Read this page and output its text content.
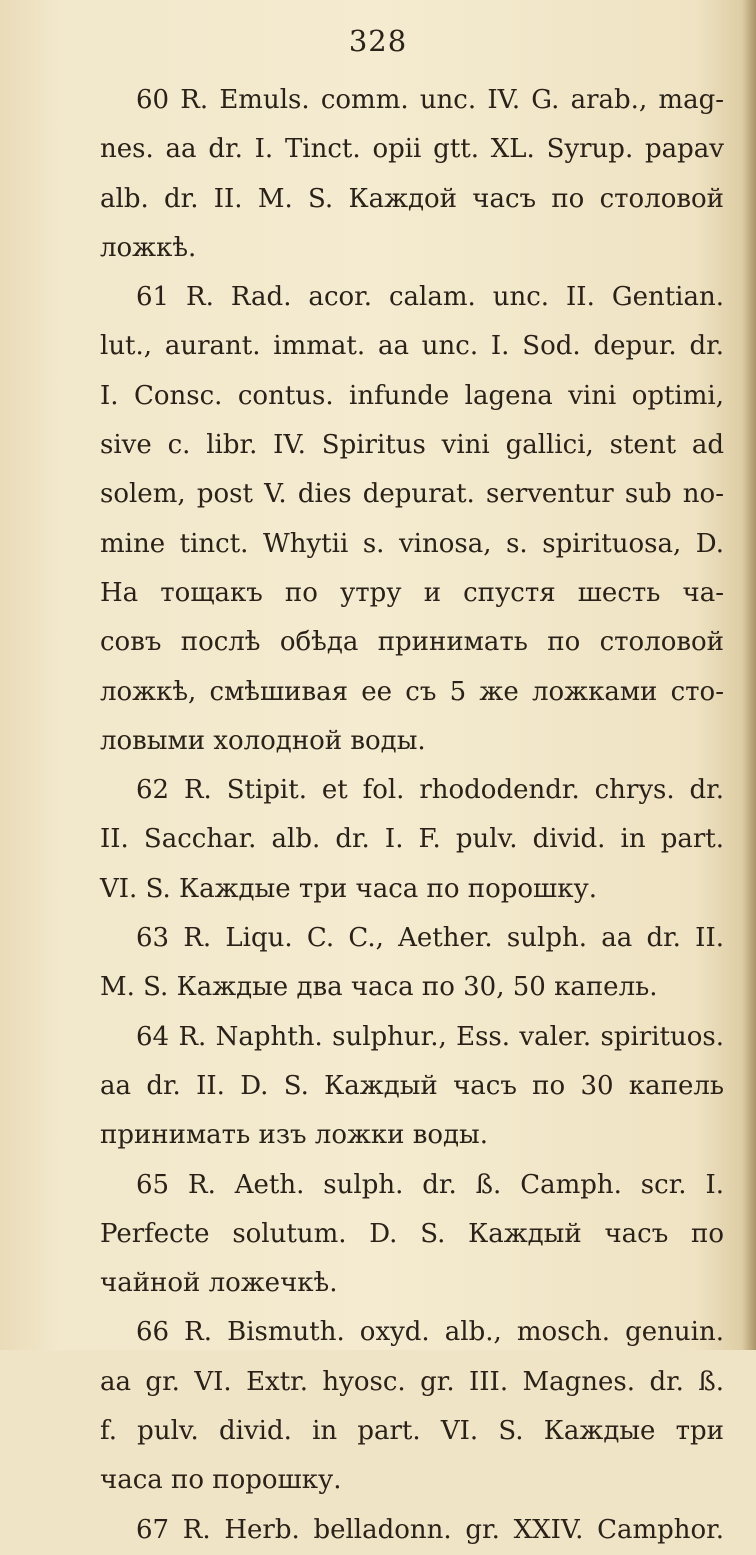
328
60 R. Emuls. comm. unc. IV. G. arab., mag-
nes. aa dr. I. Tinct. opii gtt. XL. Syrup. papav
alb. dr. II. M. S. Каждой часъ по столовой
ложкѣ.
61 R. Rad. acor. calam. unc. II. Gentian.
lut., aurant. immat. aa unc. I. Sod. depur. dr.
I. Consc. contus. infunde lagena vini optimi,
sive c. libr. IV. Spiritus vini gallici, stent ad
solem, post V. dies depurat. serventur sub no-
mine tinct. Whytii s. vinosa, s. spirituosa, D.
На тощакъ по утру и спустя шесть ча-
совъ послѣ обѣда принимать по столовой
ложкѣ, смѣшивая ее съ 5 же ложками сто-
ловыми холодной воды.
62 R. Stipit. et fol. rhododendr. chrys. dr.
II. Sacchar. alb. dr. I. F. pulv. divid. in part.
VI. S. Каждые три часа по порошку.
63 R. Liqu. C. C., Aether. sulph. aa dr. II.
M. S. Каждые два часа по 30, 50 капель.
64 R. Naphth. sulphur., Ess. valer. spirituos.
aa dr. II. D. S. Каждый часъ по 30 капель
принимать изъ ложки воды.
65 R. Aeth. sulph. dr. ß. Camph. scr. I.
Perfecte solutum. D. S. Каждый часъ по
чайной ложечкѣ.
66 R. Bismuth. oxyd. alb., mosch. genuin.
aa gr. VI. Extr. hyosc. gr. III. Magnes. dr. ß.
f. pulv. divid. in part. VI. S. Каждые три
часа по порошку.
67 R. Herb. belladonn. gr. XXIV. Camphor.
